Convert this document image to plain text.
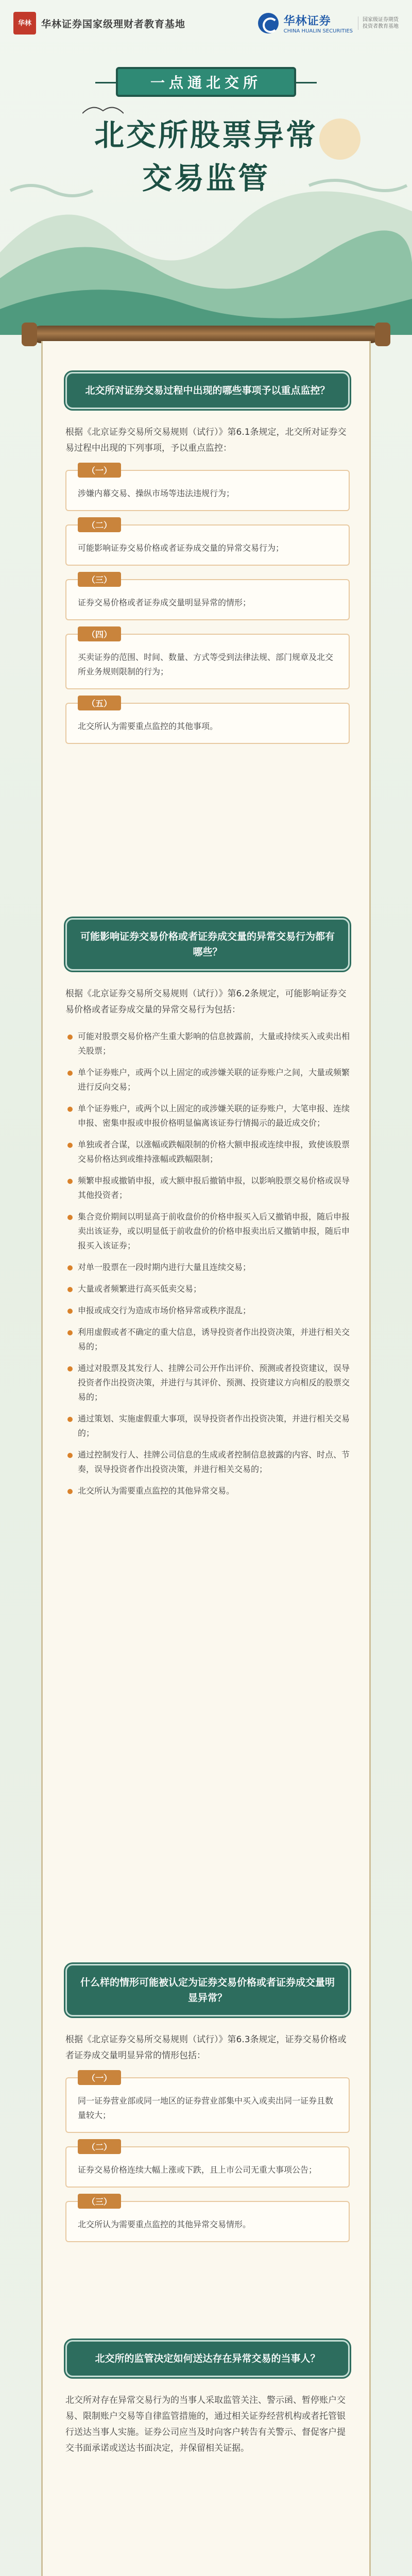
华林	华林证券国家级理财者教育基地	华林证券
CHINA HUALIN SECURITIES
国家级证券期货
投资者教育基地
一点通北交所
北交所股票异常
交易监管
北交所对证券交易过程中出现的哪些事项予以重点监控？

根据《北京证券交易所交易规则（试行）》第6.1条规定，北交所对证券交易过程中出现的下列事项，予以重点监控：

（一）
涉嫌内幕交易、操纵市场等违法违规行为；
（二）
可能影响证券交易价格或者证券成交量的异常交易行为；
（三）
证券交易价格或者证券成交量明显异常的情形；
（四）
买卖证券的范围、时间、数量、方式等受到法律法规、部门规章及北交所业务规则限制的行为；
（五）
北交所认为需要重点监控的其他事项。
可能影响证券交易价格或者证券成交量的异常交易行为都有哪些？

根据《北京证券交易所交易规则（试行）》第6.2条规定，可能影响证券交易价格或者证券成交量的异常交易行为包括：

可能对股票交易价格产生重大影响的信息披露前，大量或持续买入或卖出相关股票；
单个证券账户，或两个以上固定的或涉嫌关联的证券账户之间，大量或频繁进行反向交易；
单个证券账户，或两个以上固定的或涉嫌关联的证券账户，大笔申报、连续申报、密集申报或申报价格明显偏离该证券行情揭示的最近成交价；
单独或者合谋，以涨幅或跌幅限制的价格大额申报或连续申报，致使该股票交易价格达到或维持涨幅或跌幅限制；
频繁申报或撤销申报，或大额申报后撤销申报，以影响股票交易价格或误导其他投资者；
集合竞价期间以明显高于前收盘价的价格申报买入后又撤销申报，随后申报卖出该证券，或以明显低于前收盘价的价格申报卖出后又撤销申报，随后申报买入该证券；
对单一股票在一段时期内进行大量且连续交易；
大量或者频繁进行高买低卖交易；
申报或成交行为造成市场价格异常或秩序混乱；
利用虚假或者不确定的重大信息，诱导投资者作出投资决策，并进行相关交易的；
通过对股票及其发行人、挂牌公司公开作出评价、预测或者投资建议，误导投资者作出投资决策，并进行与其评价、预测、投资建议方向相反的股票交易的；
通过策划、实施虚假重大事项，误导投资者作出投资决策，并进行相关交易的；
通过控制发行人、挂牌公司信息的生成或者控制信息披露的内容、时点、节奏，误导投资者作出投资决策，并进行相关交易的；
北交所认为需要重点监控的其他异常交易。
什么样的情形可能被认定为证券交易价格或者证券成交量明显异常？

根据《北京证券交易所交易规则（试行）》第6.3条规定，证券交易价格或者证券成交量明显异常的情形包括：

（一）
同一证券营业部或同一地区的证券营业部集中买入或卖出同一证券且数量较大；
（二）
证券交易价格连续大幅上涨或下跌，且上市公司无重大事项公告；
（三）
北交所认为需要重点监控的其他异常交易情形。
北交所的监管决定如何送达存在异常交易的当事人？

北交所对存在异常交易行为的当事人采取监管关注、警示函、暂停账户交易、限制账户交易等自律监管措施的，通过相关证券经营机构或者托管银行送达当事人实施。证券公司应当及时向客户转告有关警示、督促客户提交书面承诺或送达书面决定，并保留相关证据。
